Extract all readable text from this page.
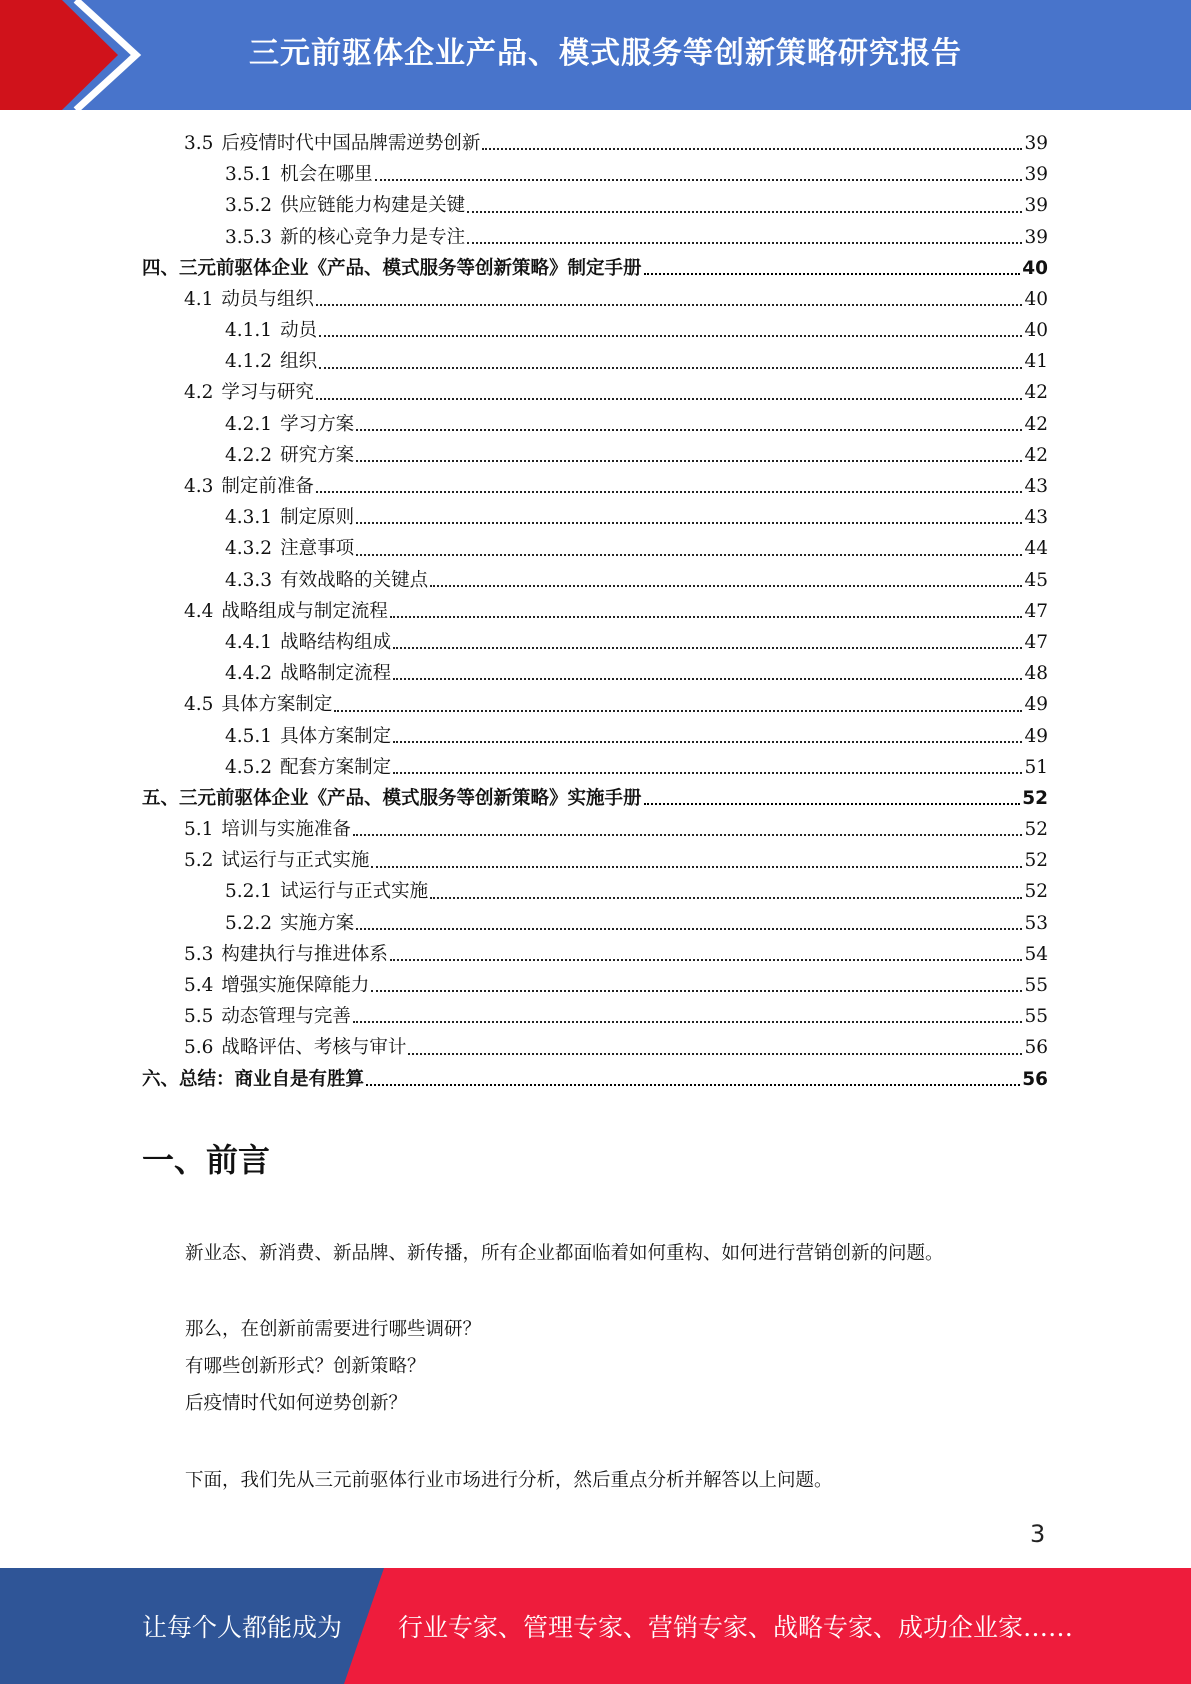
三元前驱体企业产品、模式服务等创新策略研究报告
3.5 后疫情时代中国品牌需逆势创新	39
3.5.1 机会在哪里	39
3.5.2 供应链能力构建是关键	39
3.5.3 新的核心竞争力是专注	39
四、三元前驱体企业《产品、模式服务等创新策略》制定手册	40
4.1 动员与组织	40
4.1.1 动员	40
4.1.2 组织	41
4.2 学习与研究	42
4.2.1 学习方案	42
4.2.2 研究方案	42
4.3 制定前准备	43
4.3.1 制定原则	43
4.3.2 注意事项	44
4.3.3 有效战略的关键点	45
4.4 战略组成与制定流程	47
4.4.1 战略结构组成	47
4.4.2 战略制定流程	48
4.5 具体方案制定	49
4.5.1 具体方案制定	49
4.5.2 配套方案制定	51
五、三元前驱体企业《产品、模式服务等创新策略》实施手册	52
5.1 培训与实施准备	52
5.2 试运行与正式实施	52
5.2.1 试运行与正式实施	52
5.2.2 实施方案	53
5.3 构建执行与推进体系	54
5.4 增强实施保障能力	55
5.5 动态管理与完善	55
5.6 战略评估、考核与审计	56
六、总结：商业自是有胜算	56
一、前言
新业态、新消费、新品牌、新传播，所有企业都面临着如何重构、如何进行营销创新的问题。
那么，在创新前需要进行哪些调研？
有哪些创新形式？创新策略？
后疫情时代如何逆势创新？
下面，我们先从三元前驱体行业市场进行分析，然后重点分析并解答以上问题。
3
让每个人都能成为 行业专家、管理专家、营销专家、战略专家、成功企业家……
